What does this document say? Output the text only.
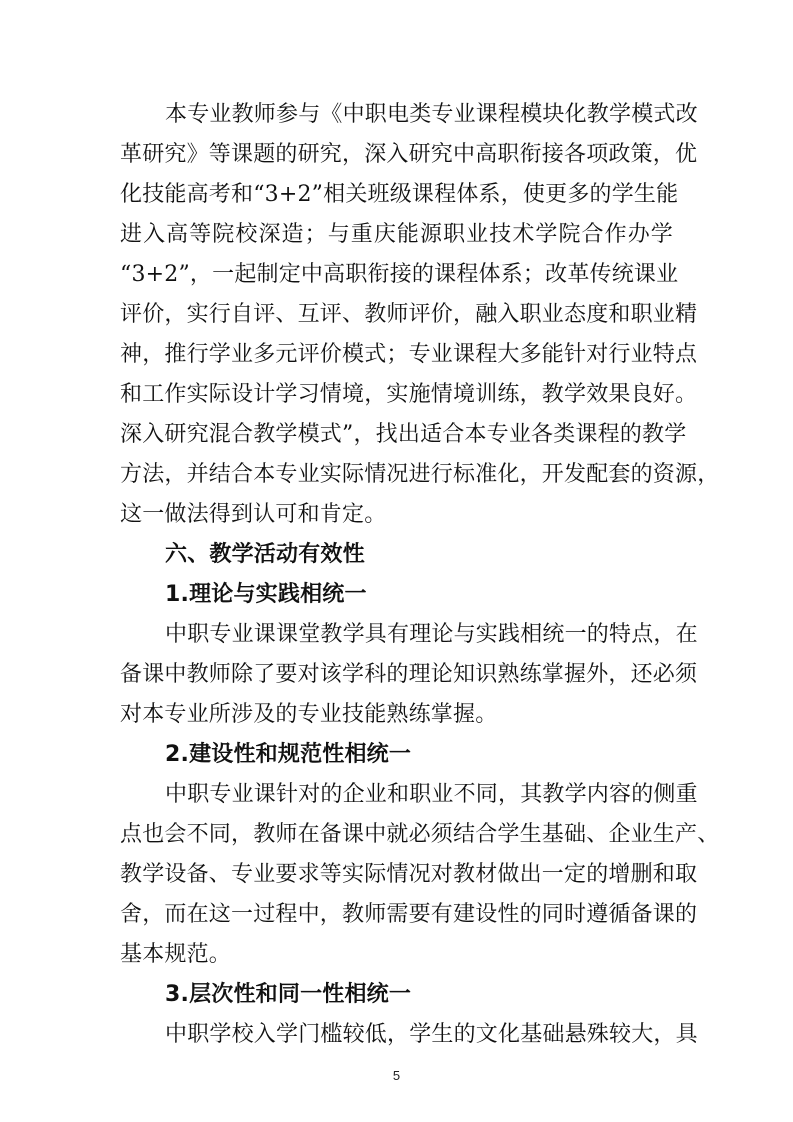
本专业教师参与《中职电类专业课程模块化教学模式改
革研究》等课题的研究，深入研究中高职衔接各项政策，优
化技能高考和“3+2”相关班级课程体系，使更多的学生能
进入高等院校深造；与重庆能源职业技术学院合作办学
“3+2”，一起制定中高职衔接的课程体系；改革传统课业
评价，实行自评、互评、教师评价，融入职业态度和职业精
神，推行学业多元评价模式；专业课程大多能针对行业特点
和工作实际设计学习情境，实施情境训练，教学效果良好。
深入研究混合教学模式”，找出适合本专业各类课程的教学
方法，并结合本专业实际情况进行标准化，开发配套的资源，
这一做法得到认可和肯定。
六、教学活动有效性
1.理论与实践相统一
中职专业课课堂教学具有理论与实践相统一的特点，在
备课中教师除了要对该学科的理论知识熟练掌握外，还必须
对本专业所涉及的专业技能熟练掌握。
2.建设性和规范性相统一
中职专业课针对的企业和职业不同，其教学内容的侧重
点也会不同，教师在备课中就必须结合学生基础、企业生产、
教学设备、专业要求等实际情况对教材做出一定的增删和取
舍，而在这一过程中，教师需要有建设性的同时遵循备课的
基本规范。
3.层次性和同一性相统一
中职学校入学门槛较低，学生的文化基础悬殊较大，具
5
